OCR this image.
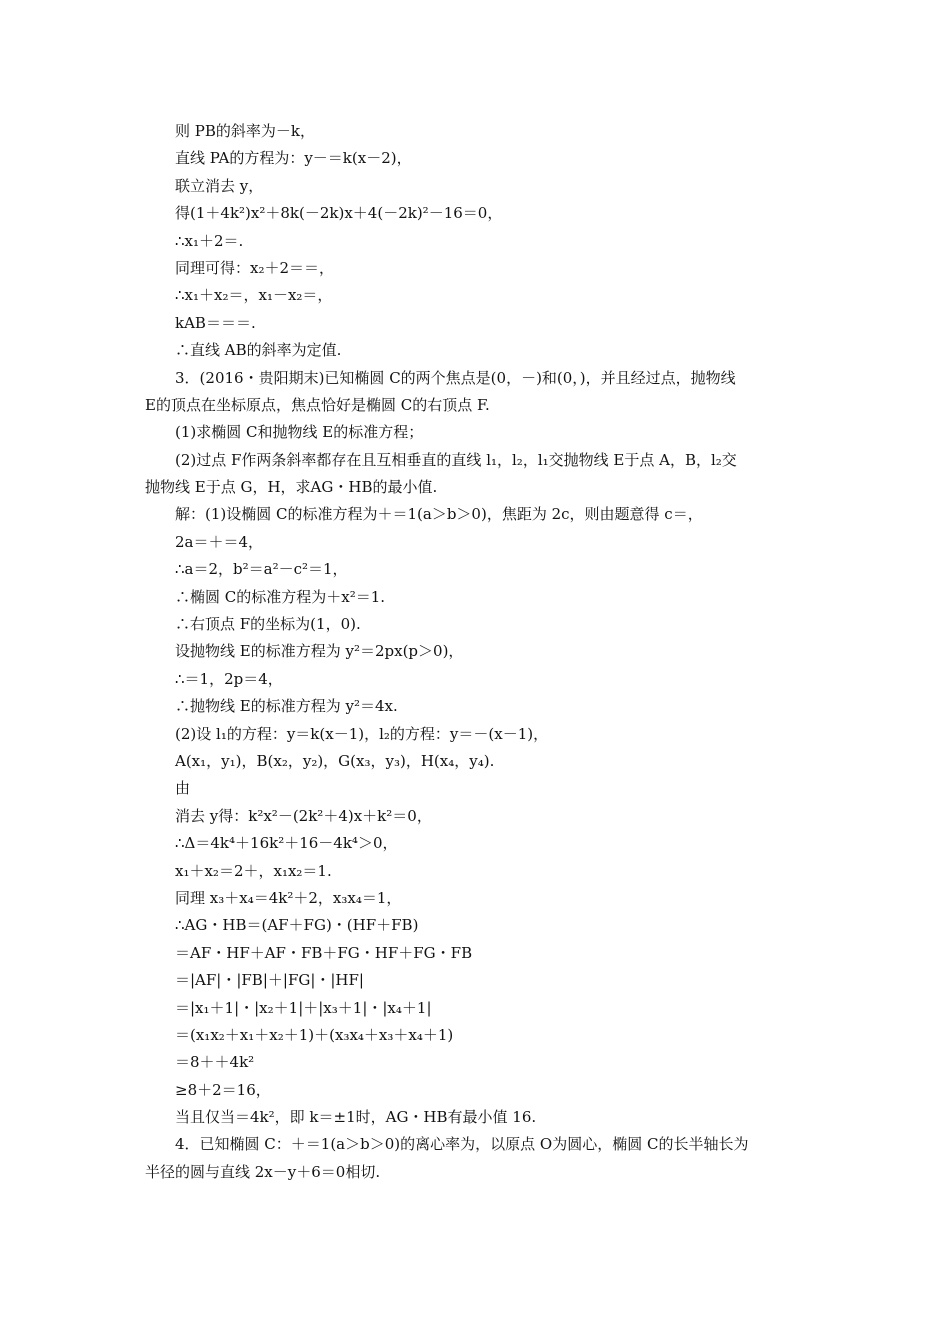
则 PB的斜率为－k，
直线 PA的方程为：y－＝k(x－2)，
联立消去 y，
得(1＋4k²)x²＋8k(－2k)x＋4(－2k)²－16＝0，
∴x₁＋2＝.
同理可得：x₂＋2＝＝，
∴x₁＋x₂＝，x₁－x₂＝，
kAB＝＝＝.
∴直线 AB的斜率为定值.
3．(2016・贵阳期末)已知椭圆 C的两个焦点是(0，－)和(0，)，并且经过点，抛物线
E的顶点在坐标原点，焦点恰好是椭圆 C的右顶点 F.
(1)求椭圆 C和抛物线 E的标准方程；
(2)过点 F作两条斜率都存在且互相垂直的直线 l₁，l₂，l₁交抛物线 E于点 A，B，l₂交
抛物线 E于点 G，H，求AG・HB的最小值.
解：(1)设椭圆 C的标准方程为＋＝1(a＞b＞0)，焦距为 2c，则由题意得 c＝，
2a＝＋＝4，
∴a＝2，b²＝a²－c²＝1，
∴椭圆 C的标准方程为＋x²＝1.
∴右顶点 F的坐标为(1，0).
设抛物线 E的标准方程为 y²＝2px(p＞0)，
∴＝1，2p＝4，
∴抛物线 E的标准方程为 y²＝4x.
(2)设 l₁的方程：y＝k(x－1)，l₂的方程：y＝－(x－1)，
A(x₁，y₁)，B(x₂，y₂)，G(x₃，y₃)，H(x₄，y₄).
由
消去 y得：k²x²－(2k²＋4)x＋k²＝0，
∴Δ＝4k⁴＋16k²＋16－4k⁴＞0，
x₁＋x₂＝2＋，x₁x₂＝1.
同理 x₃＋x₄＝4k²＋2，x₃x₄＝1，
∴AG・HB＝(AF＋FG)・(HF＋FB)
＝AF・HF＋AF・FB＋FG・HF＋FG・FB
＝|AF|・|FB|＋|FG|・|HF|
＝|x₁＋1|・|x₂＋1|＋|x₃＋1|・|x₄＋1|
＝(x₁x₂＋x₁＋x₂＋1)＋(x₃x₄＋x₃＋x₄＋1)
＝8＋＋4k²
≥8＋2＝16，
当且仅当＝4k²，即 k＝±1时，AG・HB有最小值 16.
4．已知椭圆 C：＋＝1(a＞b＞0)的离心率为，以原点 O为圆心，椭圆 C的长半轴长为
半径的圆与直线 2x－y＋6＝0相切.
